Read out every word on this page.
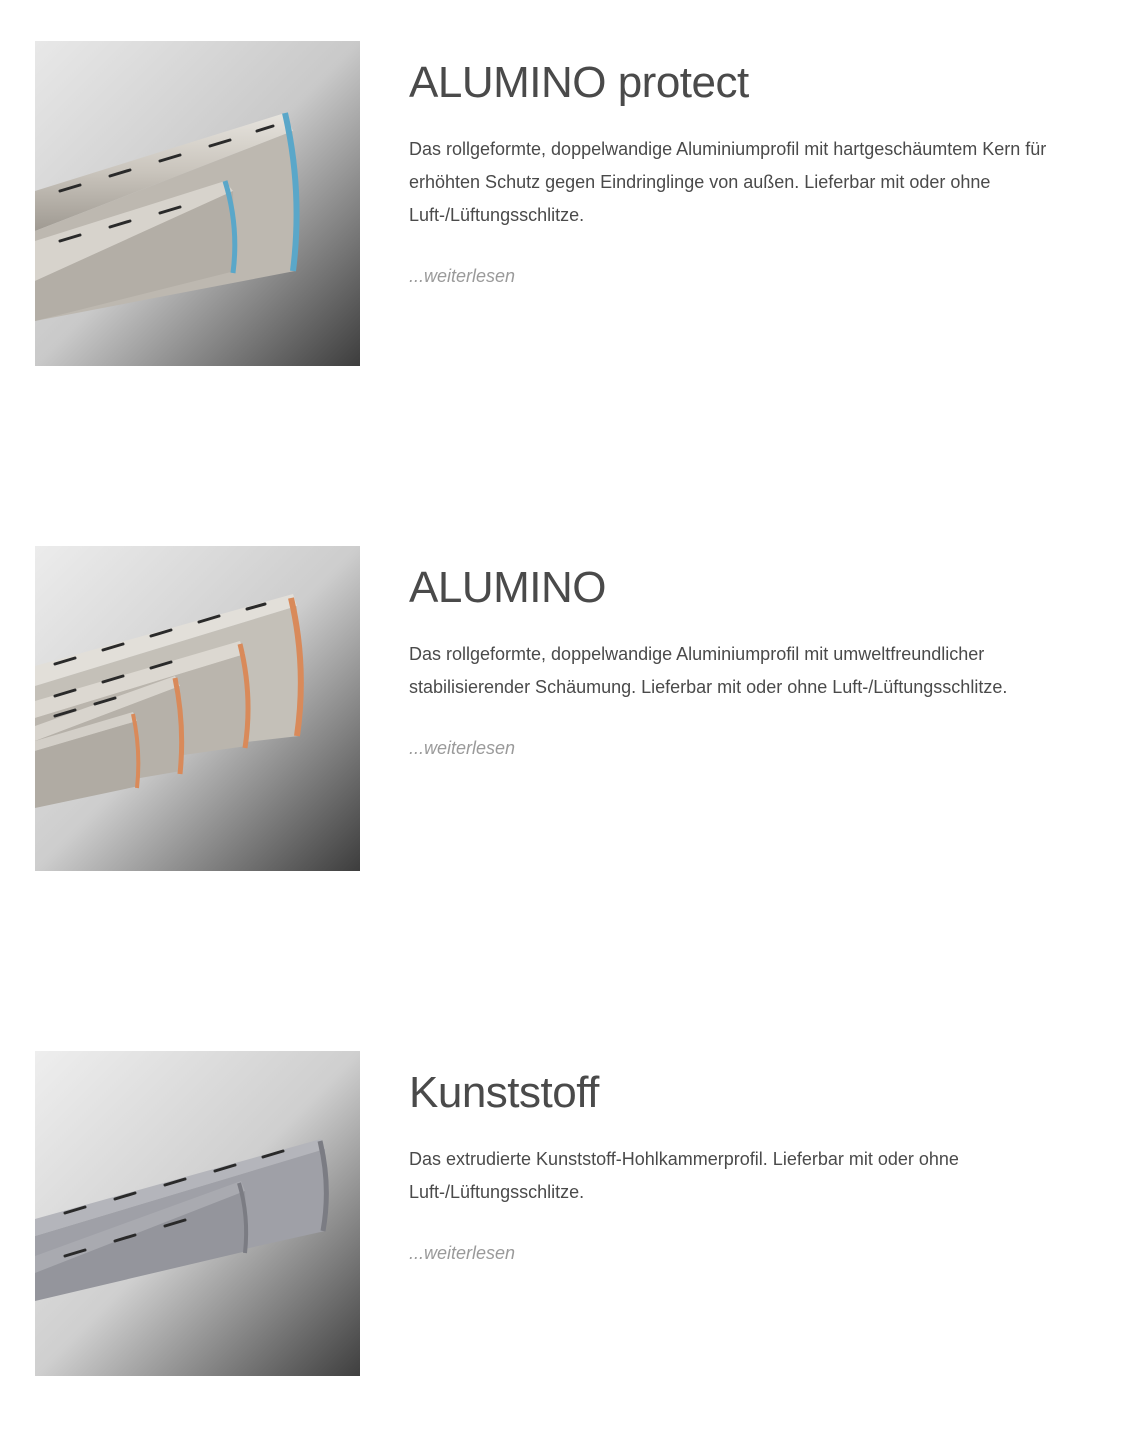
ALUMINO protect

Das rollgeformte, doppelwandige Aluminiumprofil mit hartgeschäumtem Kern für erhöhten Schutz gegen Eindringlinge von außen. Lieferbar mit oder ohne Luft-/Lüftungsschlitze.

...weiterlesen
ALUMINO

Das rollgeformte, doppelwandige Aluminiumprofil mit umweltfreundlicher stabilisierender Schäumung. Lieferbar mit oder ohne Luft-/Lüftungsschlitze.

...weiterlesen
Kunststoff

Das extrudierte Kunststoff-Hohlkammerprofil. Lieferbar mit oder ohne Luft-/Lüftungsschlitze.

...weiterlesen
